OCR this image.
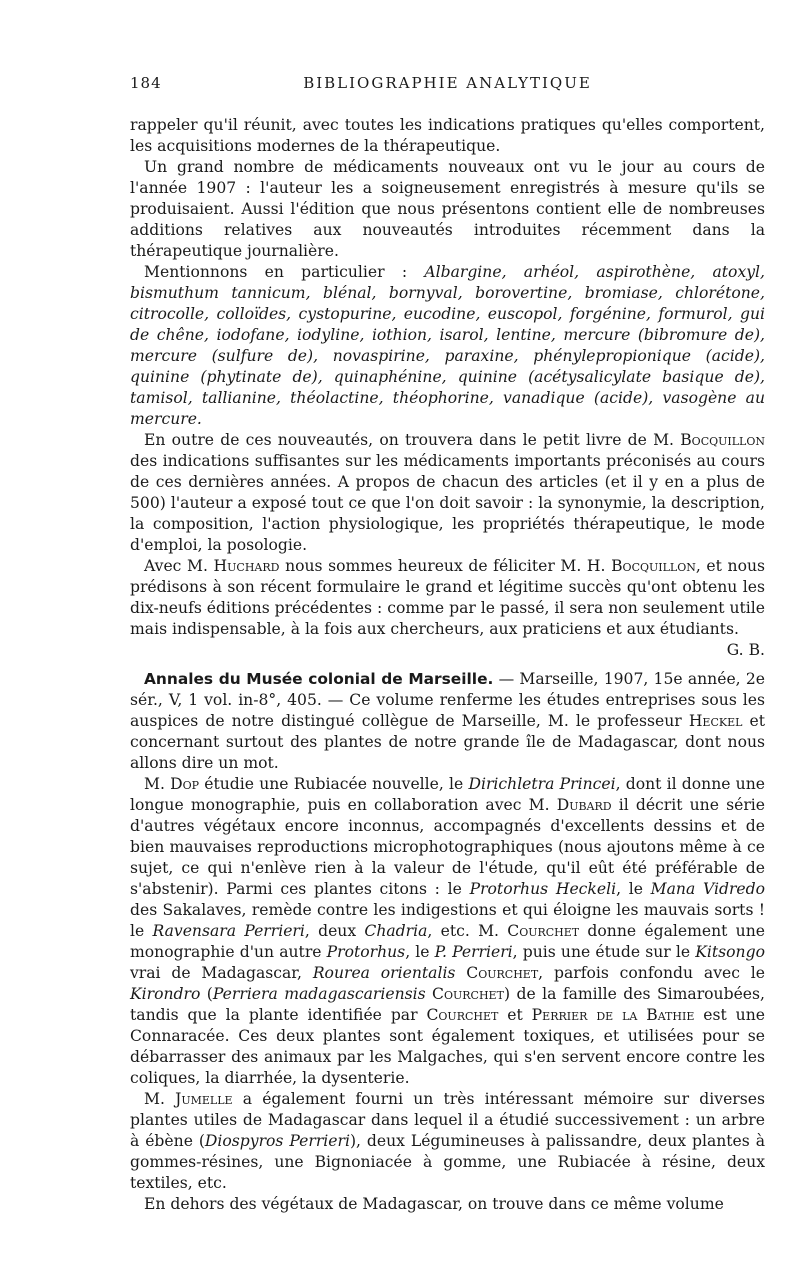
184	BIBLIOGRAPHIE ANALYTIQUE

rappeler qu'il réunit, avec toutes les indications pratiques qu'elles comportent, les acquisitions modernes de la thérapeutique.

Un grand nombre de médicaments nouveaux ont vu le jour au cours de l'année 1907 : l'auteur les a soigneusement enregistrés à mesure qu'ils se produisaient. Aussi l'édition que nous présentons contient elle de nombreuses additions relatives aux nouveautés introduites récemment dans la thérapeutique journalière.

Mentionnons en particulier : Albargine, arhéol, aspirothène, atoxyl, bismuthum tannicum, blénal, bornyval, borovertine, bromiase, chlorétone, citrocolle, colloïdes, cystopurine, eucodine, euscopol, forgénine, formurol, gui de chêne, iodofane, iodyline, iothion, isarol, lentine, mercure (bibromure de), mercure (sulfure de), novaspirine, paraxine, phénylepropionique (acide), quinine (phytinate de), quinaphénine, quinine (acétysalicylate basique de), tamisol, tallianine, théolactine, théophorine, vanadique (acide), vasogène au mercure.

En outre de ces nouveautés, on trouvera dans le petit livre de M. Bocquillon des indications suffisantes sur les médicaments importants préconisés au cours de ces dernières années. A propos de chacun des articles (et il y en a plus de 500) l'auteur a exposé tout ce que l'on doit savoir : la synonymie, la description, la composition, l'action physiologique, les propriétés thérapeutique, le mode d'emploi, la posologie.

Avec M. Huchard nous sommes heureux de féliciter M. H. Bocquillon, et nous prédisons à son récent formulaire le grand et légitime succès qu'ont obtenu les dix-neufs éditions précédentes : comme par le passé, il sera non seulement utile mais indispensable, à la fois aux chercheurs, aux praticiens et aux étudiants.
G. B.

Annales du Musée colonial de Marseille. — Marseille, 1907, 15e année, 2e sér., V, 1 vol. in-8°, 405. — Ce volume renferme les études entreprises sous les auspices de notre distingué collègue de Marseille, M. le professeur Heckel et concernant surtout des plantes de notre grande île de Madagascar, dont nous allons dire un mot.

M. Dop étudie une Rubiacée nouvelle, le Dirichletra Princei, dont il donne une longue monographie, puis en collaboration avec M. Dubard il décrit une série d'autres végétaux encore inconnus, accompagnés d'excellents dessins et de bien mauvaises reproductions microphotographiques (nous ajoutons même à ce sujet, ce qui n'enlève rien à la valeur de l'étude, qu'il eût été préférable de s'abstenir). Parmi ces plantes citons : le Protorhus Heckeli, le Mana Vidredo des Sakalaves, remède contre les indigestions et qui éloigne les mauvais sorts ! le Ravensara Perrieri, deux Chadria, etc. M. Courchet donne également une monographie d'un autre Protorhus, le P. Perrieri, puis une étude sur le Kitsongo vrai de Madagascar, Rourea orientalis Courchet, parfois confondu avec le Kirondro (Perriera madagascariensis Courchet) de la famille des Simaroubées, tandis que la plante identifiée par Courchet et Perrier de la Bathie est une Connaracée. Ces deux plantes sont également toxiques, et utilisées pour se débarrasser des animaux par les Malgaches, qui s'en servent encore contre les coliques, la diarrhée, la dysenterie.

M. Jumelle a également fourni un très intéressant mémoire sur diverses plantes utiles de Madagascar dans lequel il a étudié successivement : un arbre à ébène (Diospyros Perrieri), deux Légumineuses à palissandre, deux plantes à gommes-résines, une Bignoniacée à gomme, une Rubiacée à résine, deux textiles, etc.

En dehors des végétaux de Madagascar, on trouve dans ce même volume
